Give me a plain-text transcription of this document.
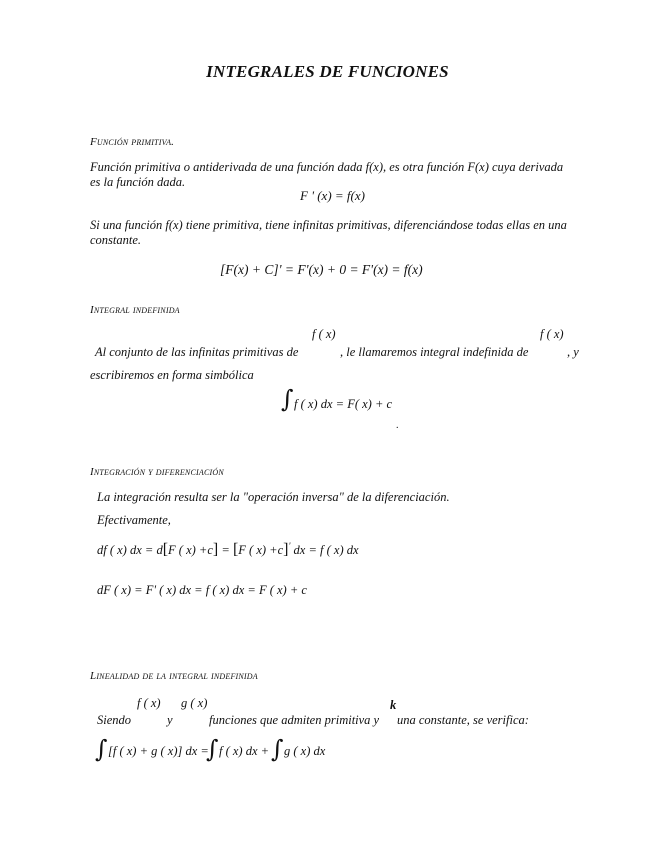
INTEGRALES DE FUNCIONES
Función primitiva.
Función primitiva o antiderivada de una función dada f(x), es otra función F(x) cuya derivada es la función dada.
F ' (x) = f(x)
Si una función f(x) tiene primitiva, tiene infinitas primitivas, diferenciándose todas ellas en una constante.
[F(x) + C]' = F'(x) + 0 = F'(x) = f(x)
Integral indefinida
f ( x)	f ( x)
Al conjunto de las infinitas primitivas de	, le llamaremos integral indefinida de	, y
escribiremos en forma simbólica
∫ f ( x) dx = F( x) + c
.
Integración y diferenciación
La integración resulta ser la "operación inversa" de la diferenciación.
Efectivamente,
df ( x) dx = d[F ( x) +c] = [F ( x) +c]' dx = f ( x) dx
dF ( x) = F' ( x) dx = f ( x) dx = F ( x) + c
Linealidad de la integral indefinida
f ( x) g ( x)	k
Siendo	y	funciones que admiten primitiva y una constante, se verifica:
∫ [f ( x) + g ( x)] dx =
∫ f ( x) dx + ∫ g ( x) dx
